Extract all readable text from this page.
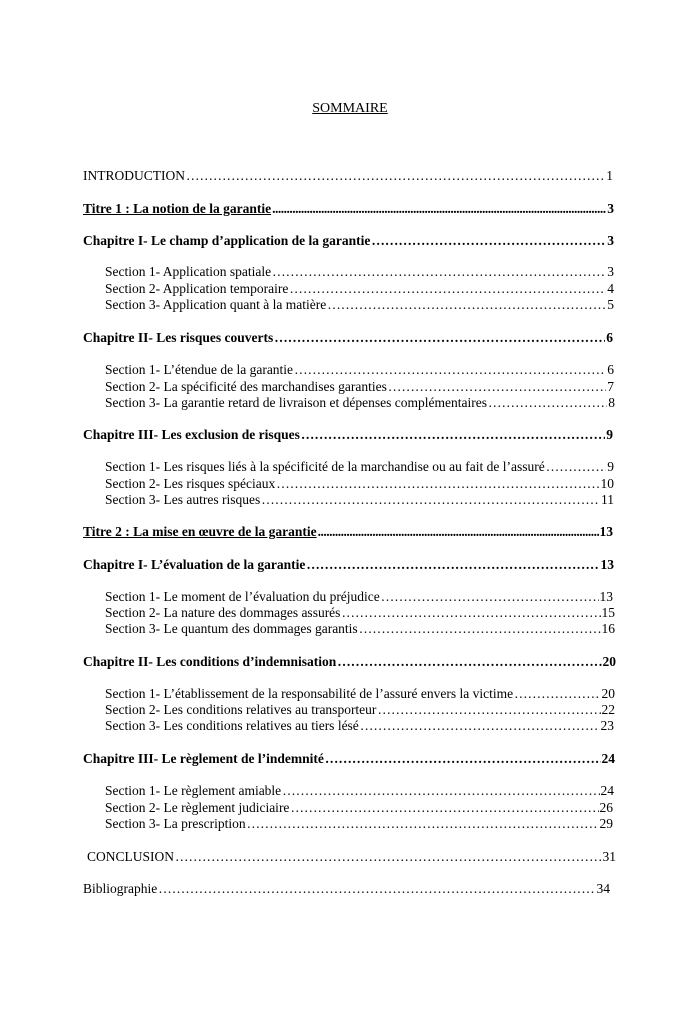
SOMMAIRE
INTRODUCTION ……………………………………………………………………………………………………………………………………………………………………………………	1
Titre 1 : La notion de la garantie .....	3
Chapitre I- Le champ d’application de la garantie ……………………………………………………………………………………………………………………………………………………………………………………	3
Section 1- Application spatiale ……………………………………………………………………………………………………………………………………………………………………………………	3
Section 2- Application temporaire ……………………………………………………………………………………………………………………………………………………………………………………	4
Section 3- Application quant à la matière ……………………………………………………………………………………………………………………………………………………………………………………	5
Chapitre II- Les risques couverts ……………………………………………………………………………………………………………………………………………………………………………………	6
Section 1- L’étendue de la garantie ……………………………………………………………………………………………………………………………………………………………………………………	6
Section 2- La spécificité des marchandises garanties ……………………………………………………………………………………………………………………………………………………………………………………	7
Section 3- La garantie retard de livraison et dépenses complémentaires ……………………………………………………………………………………………………………………………………………………………………………………	8
Chapitre III- Les exclusion de risques ……………………………………………………………………………………………………………………………………………………………………………………	9
Section 1- Les risques liés à la spécificité de la marchandise ou au fait de l’assuré ……………………………………………………………………………………………………………………………………………………………………………………	9
Section 2- Les risques spéciaux ……………………………………………………………………………………………………………………………………………………………………………………	10
Section 3- Les autres risques ……………………………………………………………………………………………………………………………………………………………………………………	11
Titre 2 : La mise en œuvre de la garantie .....	13
Chapitre I- L’évaluation de la garantie ……………………………………………………………………………………………………………………………………………………………………………………	13
Section 1- Le moment de l’évaluation du préjudice ……………………………………………………………………………………………………………………………………………………………………………………	13
Section 2- La nature des dommages assurés ……………………………………………………………………………………………………………………………………………………………………………………	15
Section 3- Le quantum des dommages garantis ……………………………………………………………………………………………………………………………………………………………………………………	16
Chapitre II- Les conditions d’indemnisation ……………………………………………………………………………………………………………………………………………………………………………………	20
Section 1- L’établissement de la responsabilité de l’assuré envers la victime ……………………………………………………………………………………………………………………………………………………………………………………	20
Section 2- Les conditions relatives au transporteur ……………………………………………………………………………………………………………………………………………………………………………………	22
Section 3- Les conditions relatives au tiers lésé ……………………………………………………………………………………………………………………………………………………………………………………	23
Chapitre III- Le règlement de l’indemnité ……………………………………………………………………………………………………………………………………………………………………………………	24
Section 1- Le règlement amiable ……………………………………………………………………………………………………………………………………………………………………………………	24
Section 2- Le règlement judiciaire ……………………………………………………………………………………………………………………………………………………………………………………	26
Section 3- La prescription ……………………………………………………………………………………………………………………………………………………………………………………	29
CONCLUSION ……………………………………………………………………………………………………………………………………………………………………………………	31
Bibliographie ……………………………………………………………………………………………………………………………………………………………………………………	34
